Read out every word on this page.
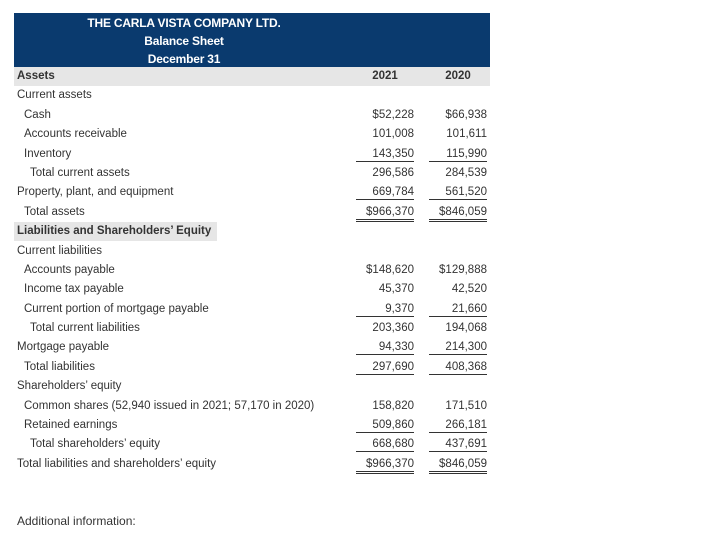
THE CARLA VISTA COMPANY LTD.
Balance Sheet
December 31
Assets	2021	2020
Current assets
Cash	$52,228	$66,938
Accounts receivable	101,008	101,611
Inventory	143,350	115,990
Total current assets	296,586	284,539
Property, plant, and equipment	669,784	561,520
Total assets	$966,370	$846,059
Liabilities and Shareholders’ Equity
Current liabilities
Accounts payable	$148,620	$129,888
Income tax payable	45,370	42,520
Current portion of mortgage payable	9,370	21,660
Total current liabilities	203,360	194,068
Mortgage payable	94,330	214,300
Total liabilities	297,690	408,368
Shareholders’ equity
Common shares (52,940 issued in 2021; 57,170 in 2020)	158,820	171,510
Retained earnings	509,860	266,181
Total shareholders’ equity	668,680	437,691
Total liabilities and shareholders’ equity	$966,370	$846,059
Additional information:
